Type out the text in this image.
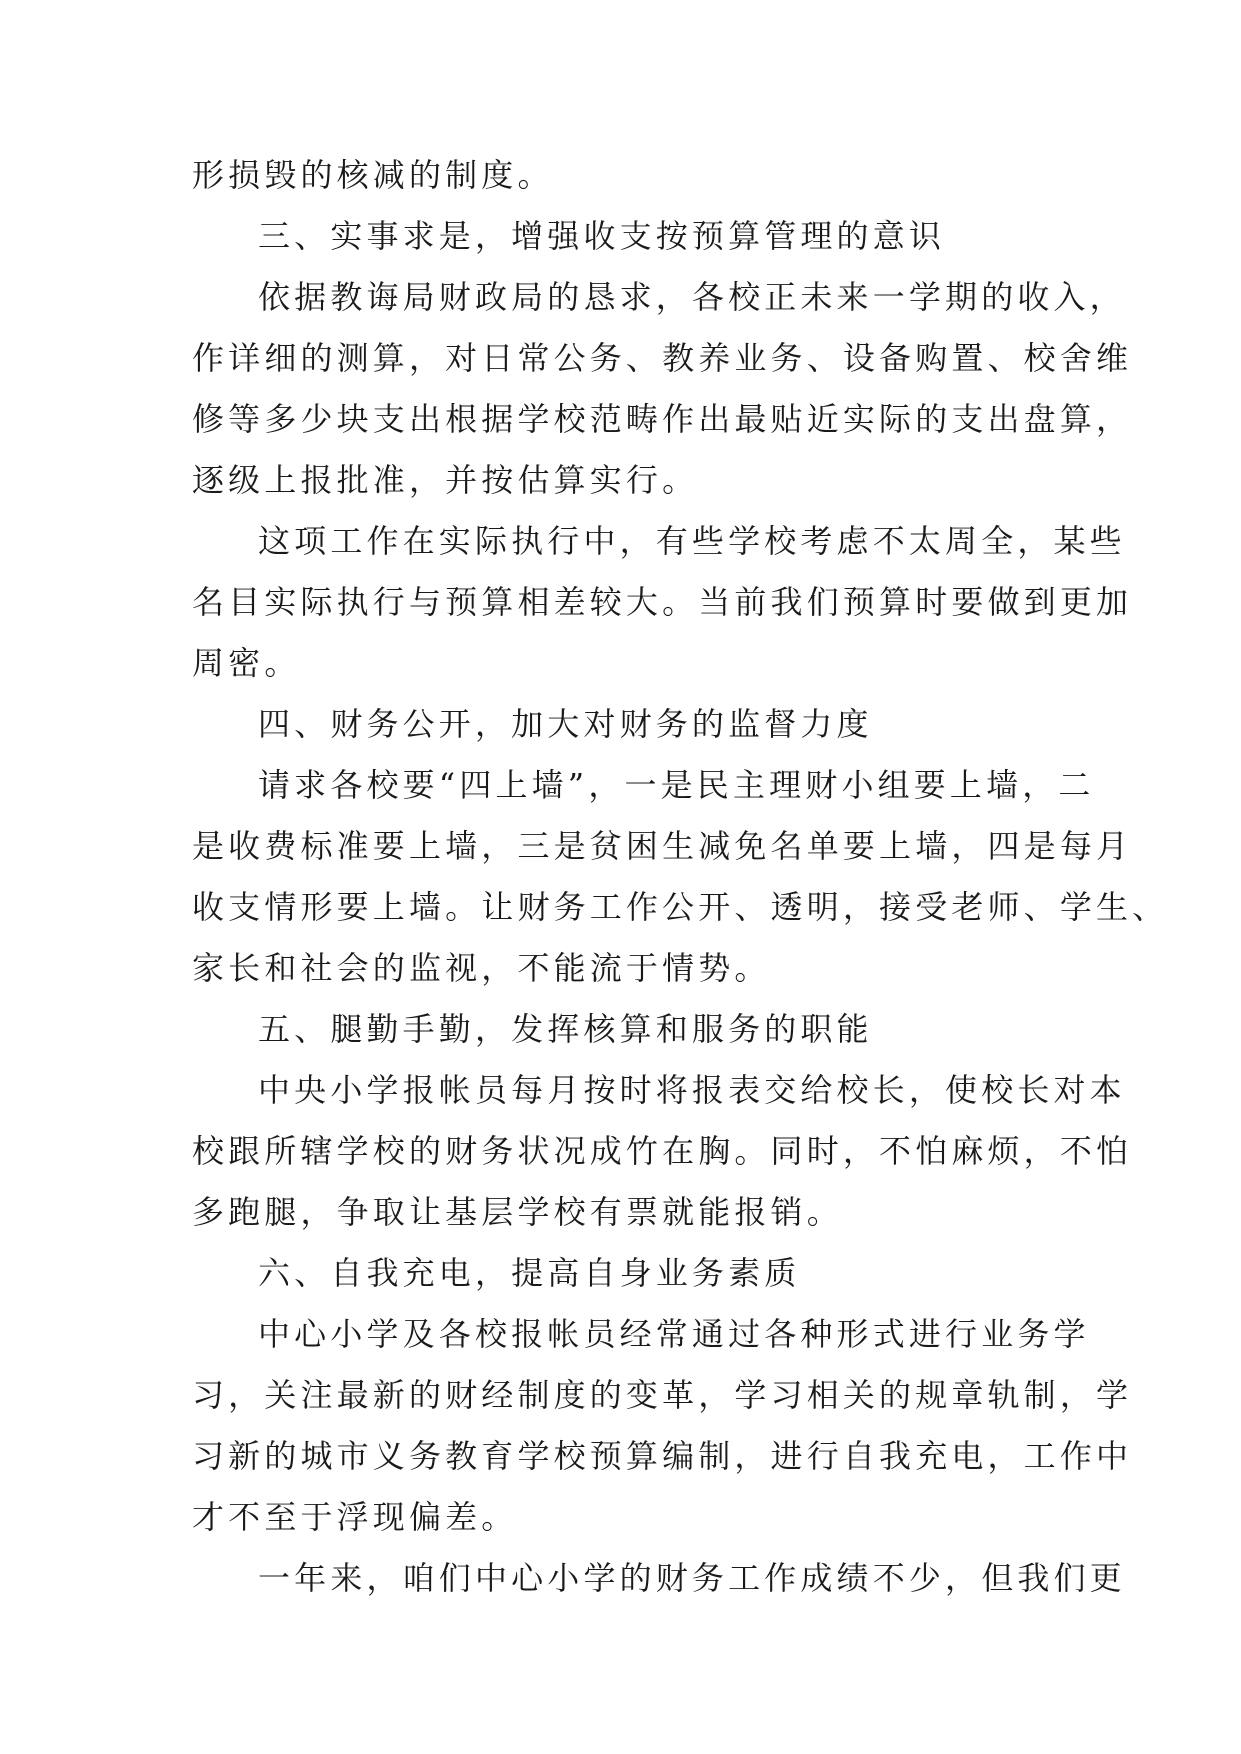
形损毁的核减的制度。
三、实事求是，增强收支按预算管理的意识
依据教诲局财政局的恳求，各校正未来一学期的收入，
作详细的测算，对日常公务、教养业务、设备购置、校舍维
修等多少块支出根据学校范畴作出最贴近实际的支出盘算，
逐级上报批准，并按估算实行。
这项工作在实际执行中，有些学校考虑不太周全，某些
名目实际执行与预算相差较大。当前我们预算时要做到更加
周密。
四、财务公开，加大对财务的监督力度
请求各校要“四上墙”，一是民主理财小组要上墙，二
是收费标准要上墙，三是贫困生减免名单要上墙，四是每月
收支情形要上墙。让财务工作公开、透明，接受老师、学生、
家长和社会的监视，不能流于情势。
五、腿勤手勤，发挥核算和服务的职能
中央小学报帐员每月按时将报表交给校长，使校长对本
校跟所辖学校的财务状况成竹在胸。同时，不怕麻烦，不怕
多跑腿，争取让基层学校有票就能报销。
六、自我充电，提高自身业务素质
中心小学及各校报帐员经常通过各种形式进行业务学
习，关注最新的财经制度的变革，学习相关的规章轨制，学
习新的城市义务教育学校预算编制，进行自我充电，工作中
才不至于浮现偏差。
一年来，咱们中心小学的财务工作成绩不少，但我们更
